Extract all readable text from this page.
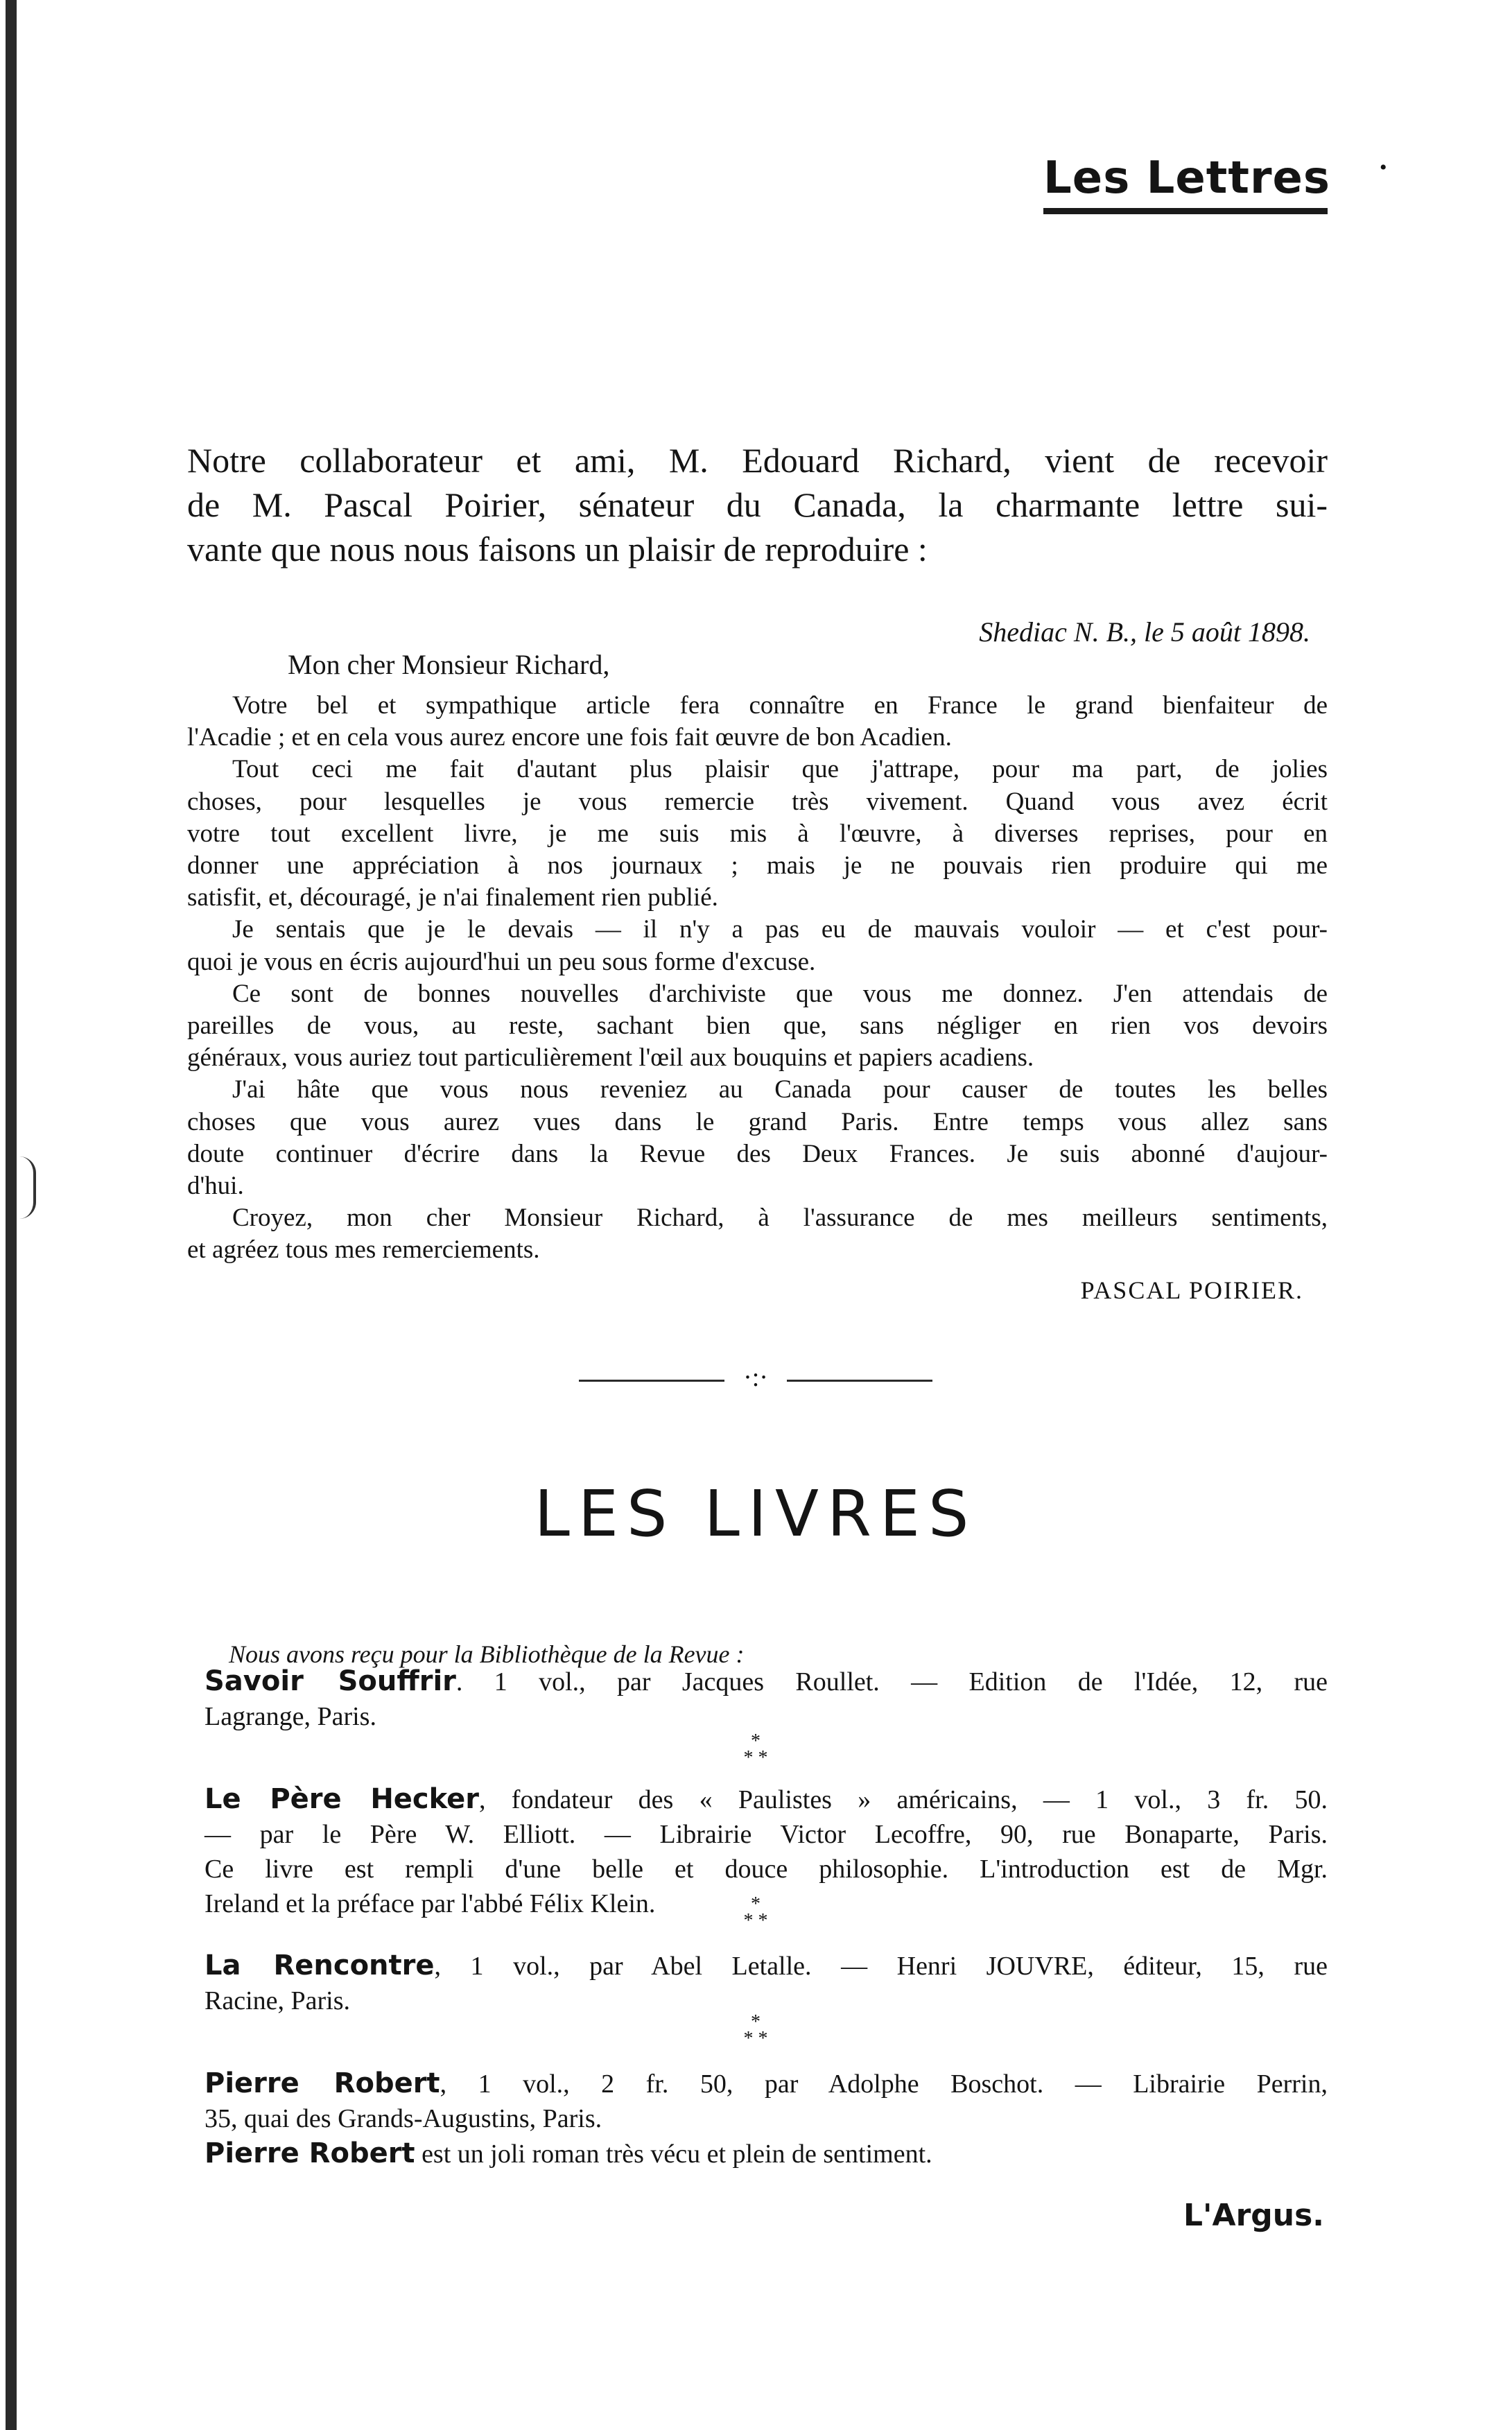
•
Les Lettres
Notre collaborateur et ami, M. Edouard Richard, vient de recevoir
de M. Pascal Poirier, sénateur du Canada, la charmante lettre sui-
vante que nous nous faisons un plaisir de reproduire :
Shediac N. B., le 5 août 1898.
Mon cher Monsieur Richard,
Votre bel et sympathique article fera connaître en France le grand bienfaiteur de
l'Acadie ; et en cela vous aurez encore une fois fait œuvre de bon Acadien.
Tout ceci me fait d'autant plus plaisir que j'attrape, pour ma part, de jolies
choses, pour lesquelles je vous remercie très vivement. Quand vous avez écrit
votre tout excellent livre, je me suis mis à l'œuvre, à diverses reprises, pour en
donner une appréciation à nos journaux ; mais je ne pouvais rien produire qui me
satisfit, et, découragé, je n'ai finalement rien publié.
Je sentais que je le devais — il n'y a pas eu de mauvais vouloir — et c'est pour-
quoi je vous en écris aujourd'hui un peu sous forme d'excuse.
Ce sont de bonnes nouvelles d'archiviste que vous me donnez. J'en attendais de
pareilles de vous, au reste, sachant bien que, sans négliger en rien vos devoirs
généraux, vous auriez tout particulièrement l'œil aux bouquins et papiers acadiens.
J'ai hâte que vous nous reveniez au Canada pour causer de toutes les belles
choses que vous aurez vues dans le grand Paris. Entre temps vous allez sans
doute continuer d'écrire dans la Revue des Deux Frances. Je suis abonné d'aujour-
d'hui.
Croyez, mon cher Monsieur Richard, à l'assurance de mes meilleurs sentiments,
et agréez tous mes remerciements.
PASCAL POIRIER.
·:·
LES LIVRES
Nous avons reçu pour la Bibliothèque de la Revue :
Savoir Souffrir. 1 vol., par Jacques Roullet. — Edition de l'Idée, 12, rue
Lagrange, Paris.
*
* *
Le Père Hecker, fondateur des « Paulistes » américains, — 1 vol., 3 fr. 50.
— par le Père W. Elliott. — Librairie Victor Lecoffre, 90, rue Bonaparte, Paris.
Ce livre est rempli d'une belle et douce philosophie. L'introduction est de Mgr.
Ireland et la préface par l'abbé Félix Klein.	*
* *
La Rencontre, 1 vol., par Abel Letalle. — Henri JOUVRE, éditeur, 15, rue
Racine, Paris.
*
* *
Pierre Robert, 1 vol., 2 fr. 50, par Adolphe Boschot. — Librairie Perrin,
35, quai des Grands-Augustins, Paris.
Pierre Robert est un joli roman très vécu et plein de sentiment.
L'Argus.
